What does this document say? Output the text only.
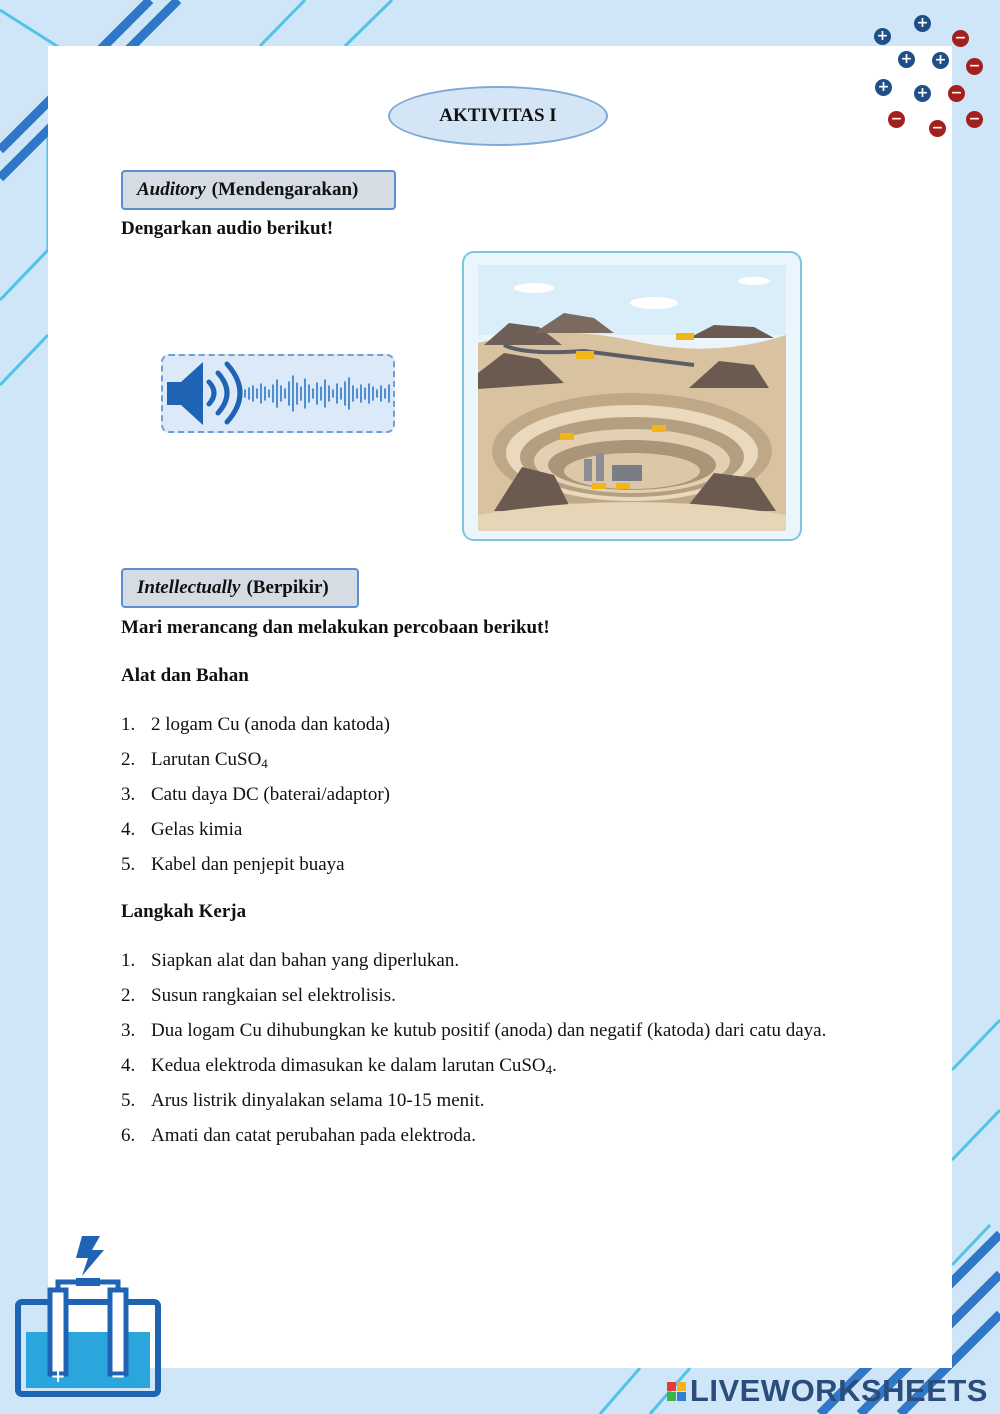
+
+	−
+ + −
+ + −
−
−
−
AKTIVITAS I
Auditory (Mendengarakan)
Dengarkan audio berikut!
Intellectually (Berpikir)
Mari merancang dan melakukan percobaan berikut!
Alat dan Bahan
1. 2 logam Cu (anoda dan katoda)
2. Larutan CuSO$_4$
3. Catu daya DC (baterai/adaptor)
4. Gelas kimia
5. Kabel dan penjepit buaya
Langkah Kerja
1. Siapkan alat dan bahan yang diperlukan.
2. Susun rangkaian sel elektrolisis.
3. Dua logam Cu dihubungkan ke kutub positif (anoda) dan negatif (katoda) dari catu daya.
4. Kedua elektroda dimasukan ke dalam larutan CuSO$_4$.
5. Arus listrik dinyalakan selama 10-15 menit.
6. Amati dan catat perubahan pada elektroda.
+ −	LIVEWORKSHEETS
